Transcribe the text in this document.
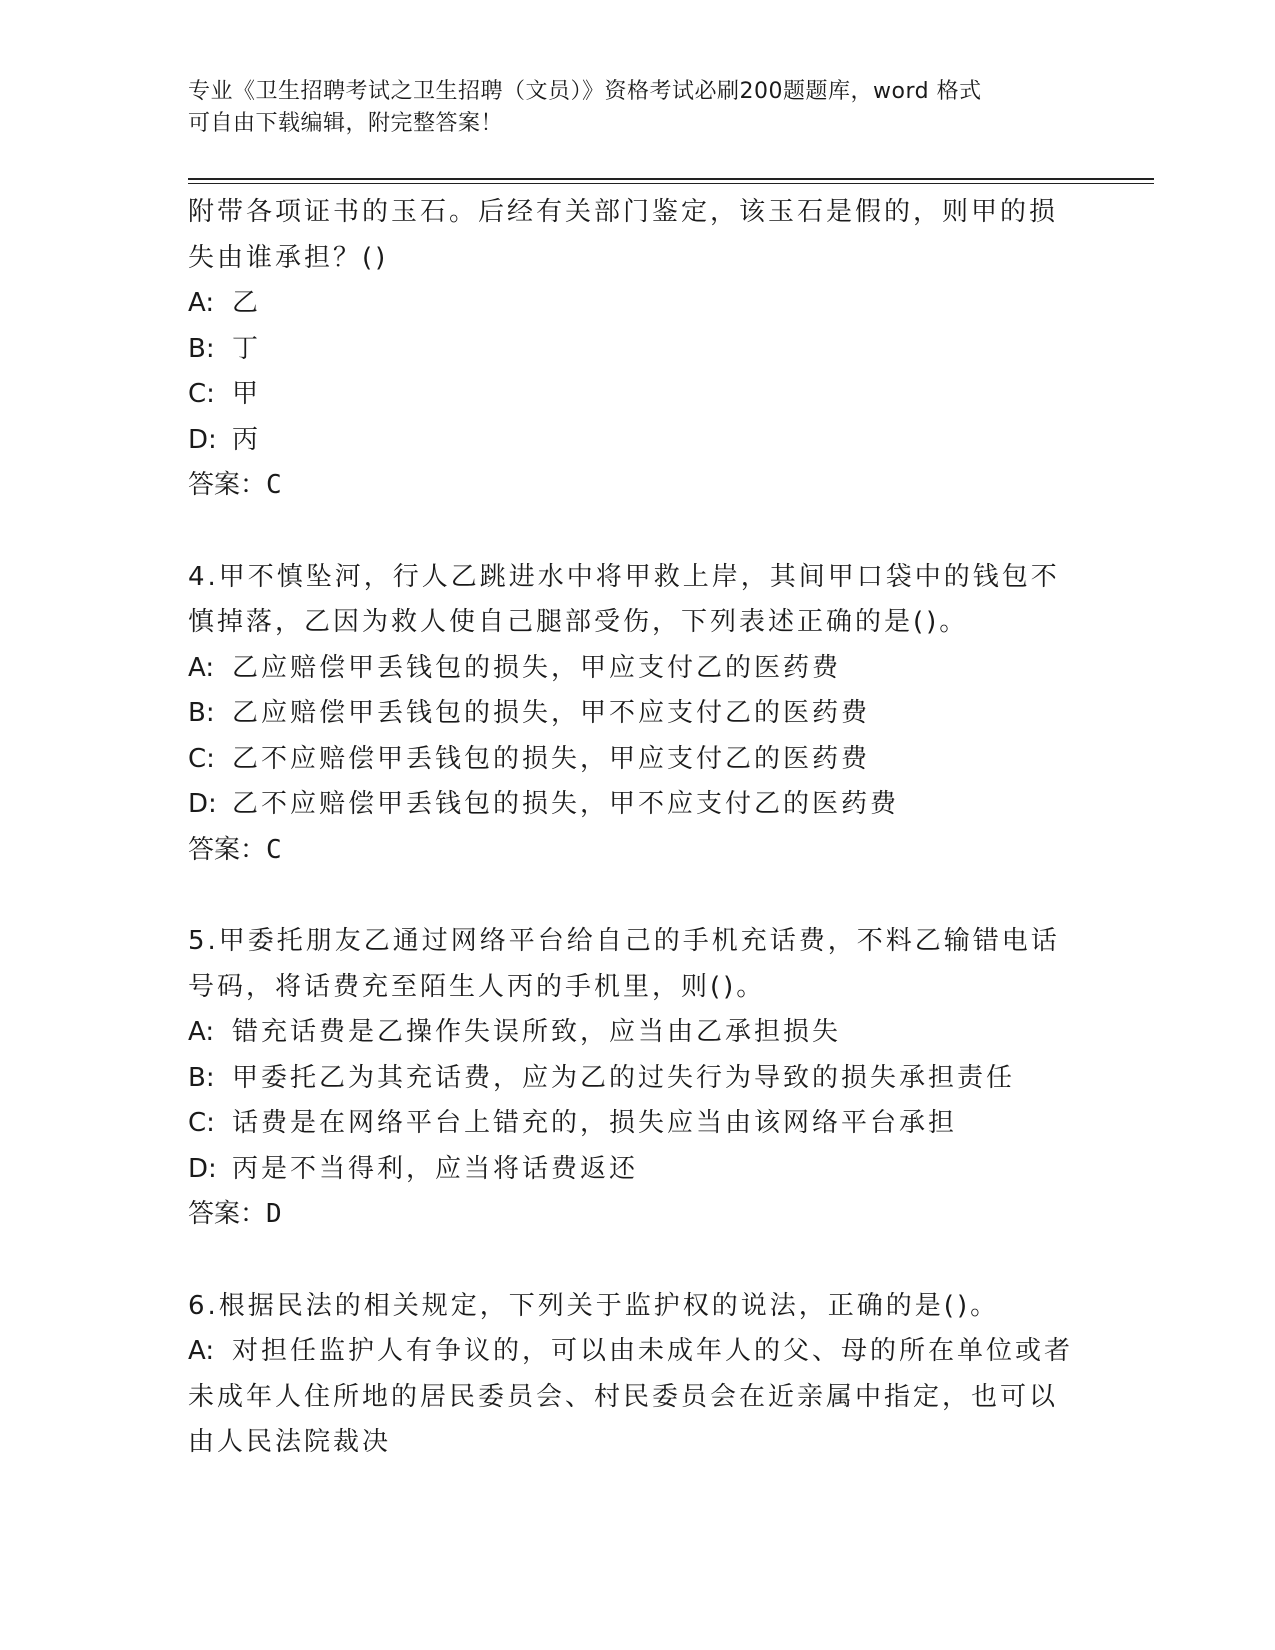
专业《卫生招聘考试之卫生招聘（文员）》资格考试必刷200题题库，word 格式
可自由下载编辑，附完整答案！
附带各项证书的玉石。后经有关部门鉴定，该玉石是假的，则甲的损
失由谁承担？()
A: 乙
B: 丁
C: 甲
D: 丙
答案：C
4.甲不慎坠河，行人乙跳进水中将甲救上岸，其间甲口袋中的钱包不
慎掉落，乙因为救人使自己腿部受伤，下列表述正确的是()。
A: 乙应赔偿甲丢钱包的损失，甲应支付乙的医药费
B: 乙应赔偿甲丢钱包的损失，甲不应支付乙的医药费
C: 乙不应赔偿甲丢钱包的损失，甲应支付乙的医药费
D: 乙不应赔偿甲丢钱包的损失，甲不应支付乙的医药费
答案：C
5.甲委托朋友乙通过网络平台给自己的手机充话费，不料乙输错电话
号码，将话费充至陌生人丙的手机里，则()。
A: 错充话费是乙操作失误所致，应当由乙承担损失
B: 甲委托乙为其充话费，应为乙的过失行为导致的损失承担责任
C: 话费是在网络平台上错充的，损失应当由该网络平台承担
D: 丙是不当得利，应当将话费返还
答案：D
6.根据民法的相关规定，下列关于监护权的说法，正确的是()。
A: 对担任监护人有争议的，可以由未成年人的父、母的所在单位或者
未成年人住所地的居民委员会、村民委员会在近亲属中指定，也可以
由人民法院裁决
